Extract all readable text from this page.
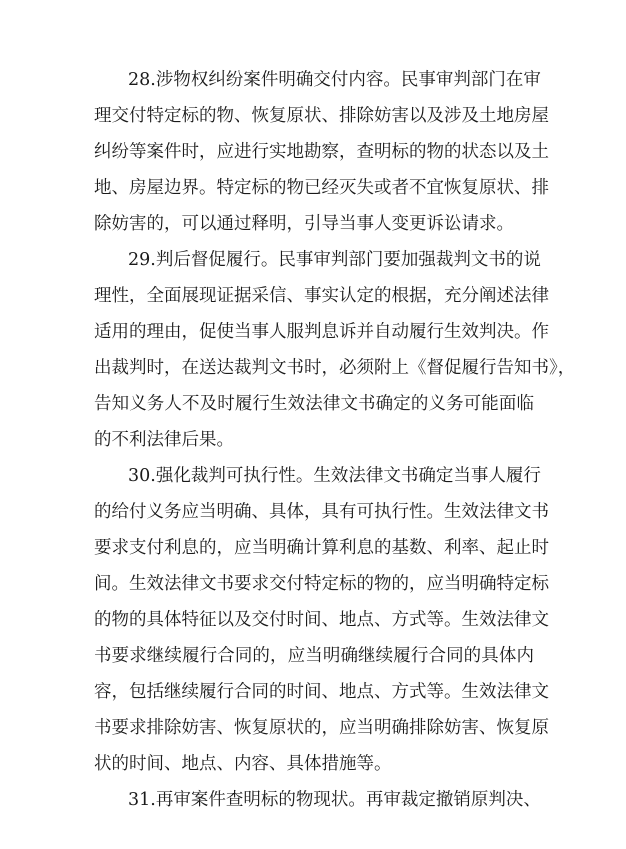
28.涉物权纠纷案件明确交付内容。民事审判部门在审
理交付特定标的物、恢复原状、排除妨害以及涉及土地房屋
纠纷等案件时，应进行实地勘察，查明标的物的状态以及土
地、房屋边界。特定标的物已经灭失或者不宜恢复原状、排
除妨害的，可以通过释明，引导当事人变更诉讼请求。
29.判后督促履行。民事审判部门要加强裁判文书的说
理性，全面展现证据采信、事实认定的根据，充分阐述法律
适用的理由，促使当事人服判息诉并自动履行生效判决。作
出裁判时，在送达裁判文书时，必须附上《督促履行告知书》，
告知义务人不及时履行生效法律文书确定的义务可能面临
的不利法律后果。
30.强化裁判可执行性。生效法律文书确定当事人履行
的给付义务应当明确、具体，具有可执行性。生效法律文书
要求支付利息的，应当明确计算利息的基数、利率、起止时
间。生效法律文书要求交付特定标的物的，应当明确特定标
的物的具体特征以及交付时间、地点、方式等。生效法律文
书要求继续履行合同的，应当明确继续履行合同的具体内
容，包括继续履行合同的时间、地点、方式等。生效法律文
书要求排除妨害、恢复原状的，应当明确排除妨害、恢复原
状的时间、地点、内容、具体措施等。
31.再审案件查明标的物现状。再审裁定撤销原判决、
